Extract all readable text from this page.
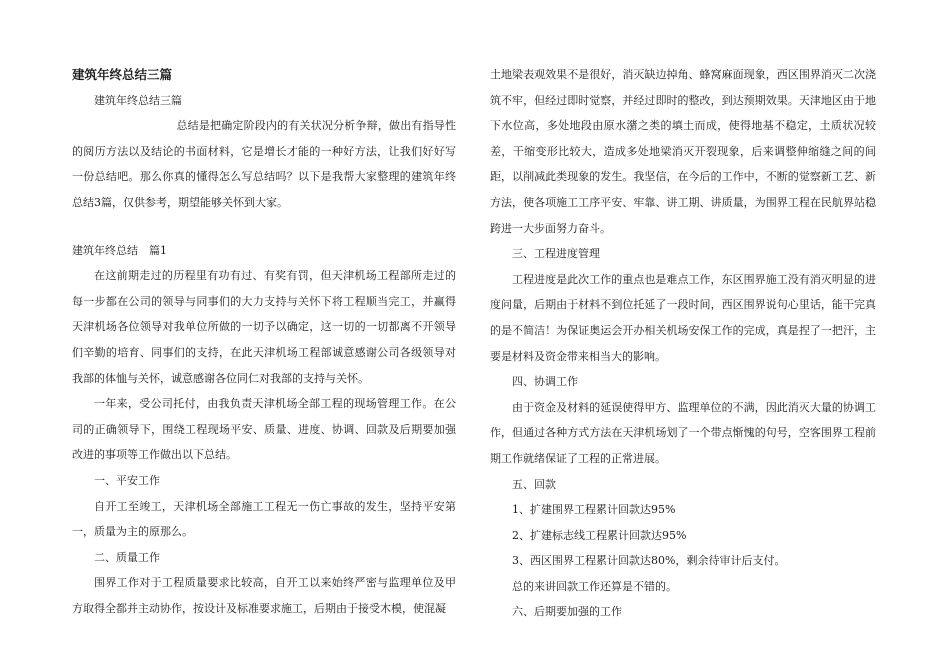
建筑年终总结三篇

建筑年终总结三篇

总结是把确定阶段内的有关状况分析争辩，做出有指导性的阅历方法以及结论的书面材料，它是增长才能的一种好方法，让我们好好写一份总结吧。那么你真的懂得怎么写总结吗？以下是我帮大家整理的建筑年终总结3篇，仅供参考，期望能够关怀到大家。

建筑年终总结　篇1

在这前期走过的历程里有功有过、有奖有罚，但天津机场工程部所走过的每一步都在公司的领导与同事们的大力支持与关怀下将工程顺当完工，并赢得天津机场各位领导对我单位所做的一切予以确定，这一切的一切都离不开领导们辛勤的培育、同事们的支持，在此天津机场工程部诚意感谢公司各级领导对我部的体恤与关怀，诚意感谢各位同仁对我部的支持与关怀。

一年来，受公司托付，由我负责天津机场全部工程的现场管理工作。在公司的正确领导下，围绕工程现场平安、质量、进度、协调、回款及后期要加强改进的事项等工作做出以下总结。

一、平安工作

自开工至竣工，天津机场全部施工工程无一伤亡事故的发生，坚持平安第一，质量为主的原那么。

二、质量工作

围界工作对于工程质量要求比较高，自开工以来始终严密与监理单位及甲方取得全都并主动协作，按设计及标准要求施工，后期由于接受木模，使混凝

土地梁表观效果不是很好，消灭缺边掉角、蜂窝麻面现象，西区围界消灭二次浇筑不牢，但经过即时觉察，并经过即时的整改，到达预期效果。天津地区由于地下水位高，多处地段由原水潴之类的填土而成，使得地基不稳定，土质状况较差，干缩变形比较大，造成多处地梁消灭开裂现象，后来调整伸缩缝之间的间距，以削减此类现象的发生。我坚信，在今后的工作中，不断的觉察新工艺、新方法，使各项施工工序平安、牢靠、讲工期、讲质量，为围界工程在民航界站稳跨进一大步面努力奋斗。

三、工程进度管理

工程进度是此次工作的重点也是难点工作，东区围界施工没有消灭明显的进度问量，后期由于材料不到位托延了一段时间，西区围界说句心里话，能干完真的是不简洁！为保证奥运会开办相关机场安保工作的完成，真是捏了一把汗，主要是材料及资金带来相当大的影响。

四、协调工作

由于资金及材料的延误使得甲方、监理单位的不满，因此消灭大量的协调工作，但通过各种方式方法在天津机场划了一个带点惭愧的句号，空客围界工程前期工作就绪保证了工程的正常进展。

五、回款

1、扩建围界工程累计回款达95%

2、扩建标志线工程累计回款达95%

3、西区围界工程累计回款达80%，剩余待审计后支付。

总的来讲回款工作还算是不错的。

六、后期要加强的工作
